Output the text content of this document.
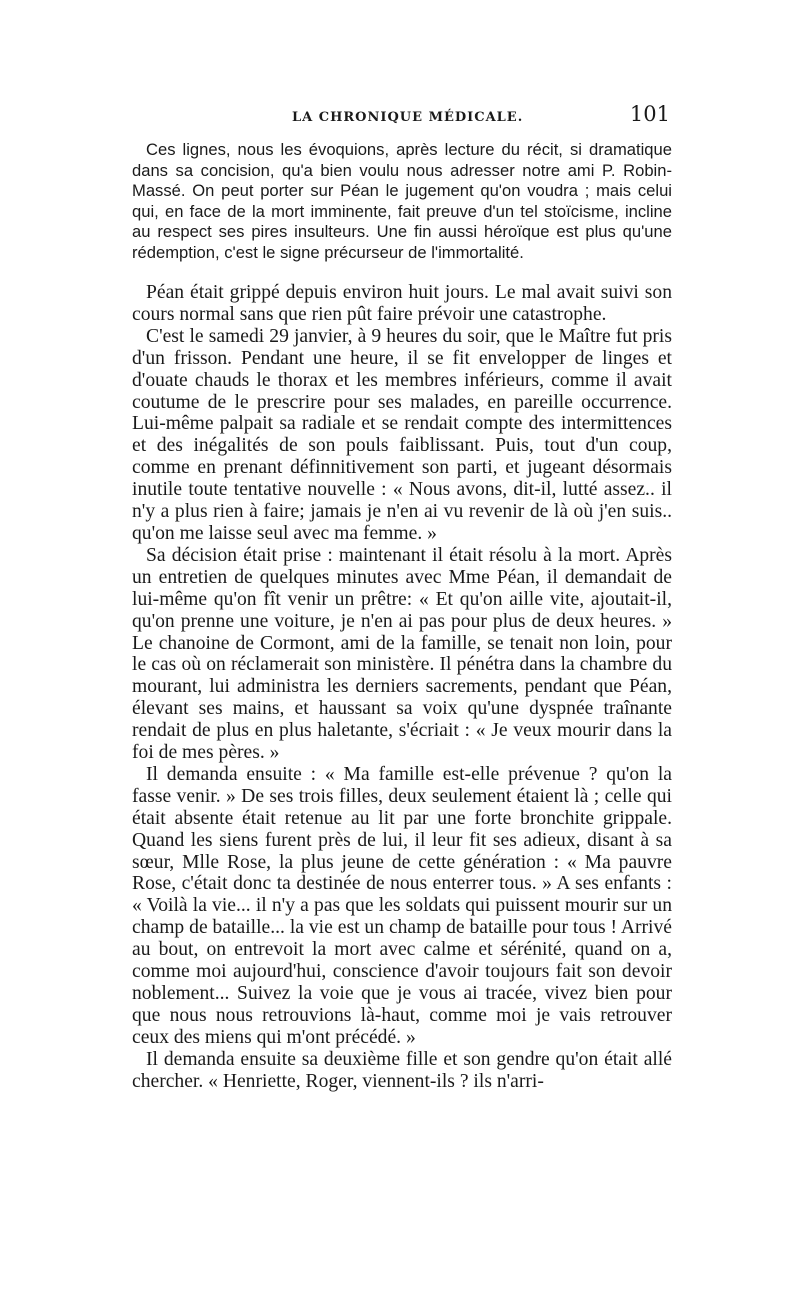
LA CHRONIQUE MÉDICALE.	101

Ces lignes, nous les évoquions, après lecture du récit, si dramatique dans sa concision, qu'a bien voulu nous adresser notre ami P. Robin-Massé. On peut porter sur Péan le jugement qu'on voudra ; mais celui qui, en face de la mort imminente, fait preuve d'un tel stoïcisme, incline au respect ses pires insulteurs. Une fin aussi héroïque est plus qu'une rédemption, c'est le signe précurseur de l'immortalité.

Péan était grippé depuis environ huit jours. Le mal avait suivi son cours normal sans que rien pût faire prévoir une catastrophe.

C'est le samedi 29 janvier, à 9 heures du soir, que le Maître fut pris d'un frisson. Pendant une heure, il se fit envelopper de linges et d'ouate chauds le thorax et les membres inférieurs, comme il avait coutume de le prescrire pour ses malades, en pareille occurrence. Lui-même palpait sa radiale et se rendait compte des intermittences et des inégalités de son pouls faiblissant. Puis, tout d'un coup, comme en prenant définnitivement son parti, et jugeant désormais inutile toute tentative nouvelle : « Nous avons, dit-il, lutté assez.. il n'y a plus rien à faire; jamais je n'en ai vu revenir de là où j'en suis.. qu'on me laisse seul avec ma femme. »

Sa décision était prise : maintenant il était résolu à la mort. Après un entretien de quelques minutes avec Mme Péan, il demandait de lui-même qu'on fît venir un prêtre: « Et qu'on aille vite, ajoutait-il, qu'on prenne une voiture, je n'en ai pas pour plus de deux heures. » Le chanoine de Cormont, ami de la famille, se tenait non loin, pour le cas où on réclamerait son ministère. Il pénétra dans la chambre du mourant, lui administra les derniers sacrements, pendant que Péan, élevant ses mains, et haussant sa voix qu'une dyspnée traînante rendait de plus en plus haletante, s'écriait : « Je veux mourir dans la foi de mes pères. »

Il demanda ensuite : « Ma famille est-elle prévenue ? qu'on la fasse venir. » De ses trois filles, deux seulement étaient là ; celle qui était absente était retenue au lit par une forte bronchite grippale. Quand les siens furent près de lui, il leur fit ses adieux, disant à sa sœur, Mlle Rose, la plus jeune de cette génération : « Ma pauvre Rose, c'était donc ta destinée de nous enterrer tous. » A ses enfants : « Voilà la vie... il n'y a pas que les soldats qui puissent mourir sur un champ de bataille... la vie est un champ de bataille pour tous ! Arrivé au bout, on entrevoit la mort avec calme et sérénité, quand on a, comme moi aujourd'hui, conscience d'avoir toujours fait son devoir noblement... Suivez la voie que je vous ai tracée, vivez bien pour que nous nous retrouvions là-haut, comme moi je vais retrouver ceux des miens qui m'ont précédé. »

Il demanda ensuite sa deuxième fille et son gendre qu'on était allé chercher. « Henriette, Roger, viennent-ils ? ils n'arri-
